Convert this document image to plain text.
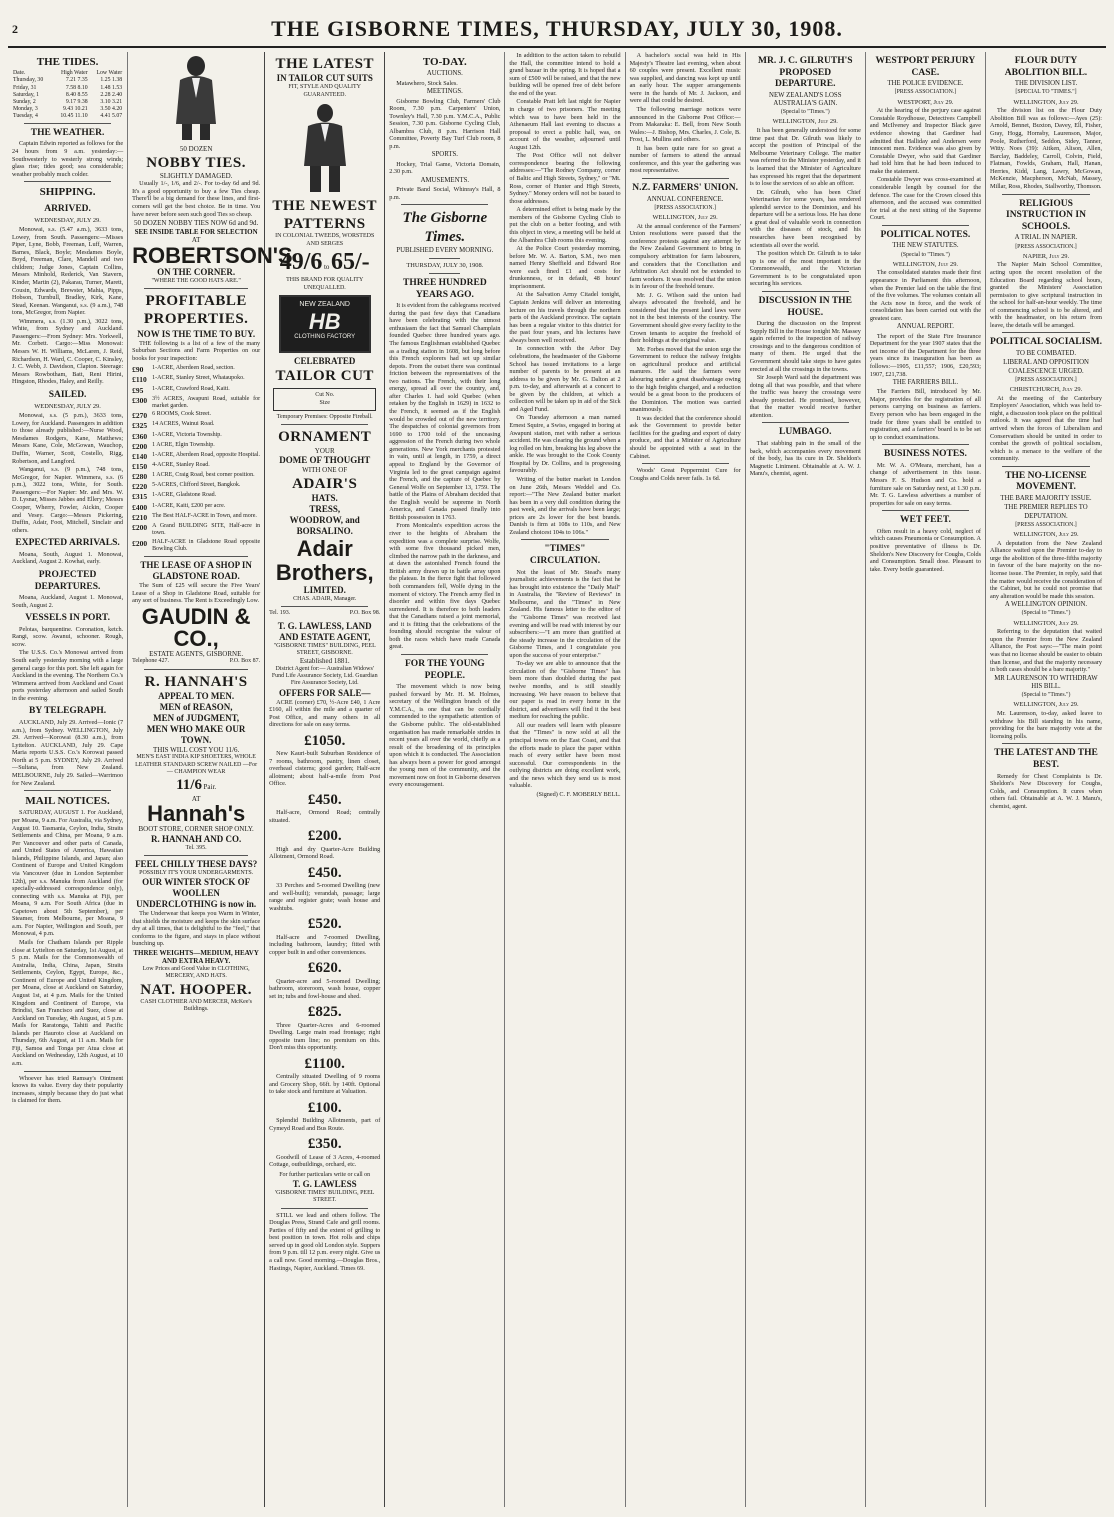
2	THE GISBORNE TIMES, THURSDAY, JULY 30, 1908.
THE TIDES.
Date.	High Water	Low Water
Thursday, 30	7.21 7.35	1.25 1.38
Friday, 31	7.58 8.10	1.48 1.53
Saturday, 1	8.40 8.55	2.28 2.40
Sunday, 2	9.17 9.38	3.10 3.21
Monday, 3	9.43 10.21	3.50 4.20
Tuesday, 4	10.45 11.10	4.41 5.07
THE WEATHER.

Captain Edwin reported as follows for the 24 hours from 9 a.m. yesterday:—Southwesterly to westerly strong winds; glass rise; tides good; sea considerable; weather probably much colder.

SHIPPING.
ARRIVED.
WEDNESDAY, JULY 29.

Monowai, s.s. (5.47 a.m.), 3633 tons, Lowey, from South. Passengers:—Misses Piper, Lyne, Bobb, Freeman, Luff, Warren, Barnes, Black, Boyle; Mesdames Boyle, Boyd, Freeman, Clare, Mandell and two children; Judge Jones, Captain Collins, Messrs Minhold, Rederick, Van Stavern, Kinder, Martin (2), Pakarau, Turner, Marett, Cousin, Edwards, Brewster, Mahia, Pipps, Hobson, Turnbull, Bradley, Kirk, Kane, Stead, Keenan. Wanganui, s.s. (9 a.m.), 748 tons, McGregor, from Napier.

Wimmera, s.s. (1.30 p.m.), 3022 tons, White, from Sydney and Auckland. Passengers:—From Sydney: Mrs. Yorkwell, Mr. Corbett. Cargo:—Miss Monowai: Messrs W. H. Williams, McLaren, J. Reid, Richardson, H. Ward, C. Cooper, C. Kinsley, J. C. Webb, J. Davidson, Clapton. Steerage: Messrs Rowbotham, Batt, Reni Hirini, Hingston, Rhodes, Haley, and Reilly.

SAILED.
WEDNESDAY, JULY 29.

Monowai, s.s. (5 p.m.), 3633 tons, Lowey, for Auckland. Passengers in addition to those already published:—Nurse Wood, Mesdames Rodgers, Kane, Matthews; Messrs Kane, Cole, McGowan, Wauchop, Duffin, Warner, Scott, Costello, Rigg, Robertson, and Langford.

Wanganui, s.s. (9 p.m.), 748 tons, McGregor, for Napier. Wimmera, s.s. (6 p.m.), 3022 tons, White, for South. Passengers:—For Napier: Mr. and Mrs. W. D. Lysnar, Misses Jabbes and Ellery; Messrs Cooper, Wherry, Fowler, Aickin, Cooper and Vesey. Cargo:—Messrs Pickering, Duffin, Adair, Foot, Mitchell, Sinclair and others.

EXPECTED ARRIVALS.

Moana, South, August 1. Monowai, Auckland, August 2. Kowhai, early.

PROJECTED DEPARTURES.

Moana, Auckland, August 1. Monowai, South, August 2.

VESSELS IN PORT.

Pelotas, barquentine. Coronation, ketch. Rangi, scow. Awanui, schooner. Rough, scow.

The U.S.S. Co.'s Monowai arrived from South early yesterday morning with a large general cargo for this port. She left again for Auckland in the evening. The Northern Co.'s Wimmera arrived from Auckland and Coast ports yesterday afternoon and sailed South in the evening.

BY TELEGRAPH.

AUCKLAND, July 29. Arrived—Ionic (7 a.m.), from Sydney. WELLINGTON, July 29. Arrived—Korowai (8.30 a.m.), from Lyttelton. AUCKLAND, July 29. Cape Maria reports U.S.S. Co.'s Korowai passed North at 5 p.m. SYDNEY, July 29. Arrived—Sultana, from New Zealand. MELBOURNE, July 29. Sailed—Warrimoo for New Zealand.

MAIL NOTICES.

SATURDAY, AUGUST 1. For Auckland, per Moana, 9 a.m. For Australia, via Sydney, August 10. Tasmania, Ceylon, India, Straits Settlements and China, per Moana, 9 a.m. Per Vancouver and other parts of Canada, and United States of America, Hawaiian Islands, Philippine Islands, and Japan; also Continent of Europe and United Kingdom via Vancouver (due in London September 12th), per s.s. Manuka from Auckland (for specially-addressed correspondence only), connecting with s.s. Manuka at Fiji, per Moana, 9 a.m. For South Africa (due in Capetown about 5th September), per Steamer, from Melbourne, per Moana, 9 a.m. For Napier, Wellington and South, per Monowai, 4 p.m.

Mails for Chatham Islands per Ripple close at Lyttelton on Saturday, 1st August, at 5 p.m. Mails for the Commonwealth of Australia, India, China, Japan, Straits Settlements, Ceylon, Egypt, Europe, &c., Continent of Europe and United Kingdom, per Moana, close at Auckland on Saturday, August 1st, at 4 p.m. Mails for the United Kingdom and Continent of Europe, via Brindisi, San Francisco and Suez, close at Auckland on Tuesday, 4th August, at 5 p.m. Mails for Raratonga, Tahiti and Pacific Islands per Hauroto close at Auckland on Thursday, 6th August, at 11 a.m. Mails for Fiji, Samoa and Tonga per Atua close at Auckland on Wednesday, 12th August, at 10 a.m.

Whoever has tried Ramsay's Ointment knows its value. Every day their popularity increases, simply because they do just what is claimed for them.

50 DOZEN
NOBBY TIES.
SLIGHTLY DAMAGED.

Usually 1/-, 1/6, and 2/-. For to-day 6d and 9d. It's a good opportunity to buy a few Ties cheap. There'll be a big demand for these lines, and first-comers will get the best choice. Be in time. You have never before seen such good Ties so cheap.

50 DOZEN NOBBY TIES NOW 6d and 9d.
SEE INSIDE TABLE FOR SELECTION
AT
ROBERTSON'S
ON THE CORNER.
"WHERE THE GOOD HATS ARE."
PROFITABLE
PROPERTIES.
NOW IS THE TIME TO BUY.

THE following is a list of a few of the many Suburban Sections and Farm Properties on our books for your inspection:

£90	1-ACRE, Aberdeen Road, section.
£110 1-ACRE, Stanley Street, Whataupoko.
£95	1-ACRE, Crawford Road, Kaiti.
£300 3½ ACRES, Awapuni Road, suitable for market garden.
£270 6 ROOMS, Cook Street.
£325 14 ACRES, Wainui Road.
£360 1-ACRE, Victoria Township.
£200 1 ACRE, Elgin Township.
£140 1-ACRE, Aberdeen Road, opposite Hospital.
£150 4-ACRE, Stanley Road.
£280 1 ACRE, Craig Road, best corner position.
£220 5-ACRES, Clifford Street, Bangkok.
£315 1-ACRE, Gladstone Road.
£400 1-ACRE, Kaiti, £200 per acre.
£210 The Best HALF-ACRE in Town, and more.
£200 A Grand BUILDING SITE, Half-acre in town.
£200 HALF-ACRE in Gladstone Road opposite Bowling Club.
THE LEASE OF A SHOP IN GLADSTONE ROAD.

The Sum of £25 will secure the Five Years' Lease of a Shop in Gladstone Road, suitable for any sort of business. The Rent is Exceedingly Low.

GAUDIN & CO.,
ESTATE AGENTS, GISBORNE.
Telephone 427.	P.O. Box 87.
R. HANNAH'S
APPEAL TO MEN.
MEN of REASON,
MEN of JUDGMENT,
MEN WHO MAKE OUR TOWN.
THIS WILL COST YOU 11/6.
MEN'S EAST INDIA KIP SHOETERS, WHOLE LEATHER STANDARD SCREW NAILED —For— CHAMPION WEAR
11/6 Pair.
AT
Hannah's
BOOT STORE, CORNER SHOP ONLY.
R. HANNAH AND CO.
Tel. 395.
FEEL CHILLY THESE DAYS?
POSSIBLY IT'S YOUR UNDERGARMENTS.
OUR WINTER STOCK OF WOOLLEN UNDERCLOTHING is now in.

The Underwear that keeps you Warm in Winter, that shields the moisture and keeps the skin surface dry at all times, that is delightful to the "feel," that conforms to the figure, and stays in place without bunching up.

THREE WEIGHTS—MEDIUM, HEAVY AND EXTRA HEAVY.
Low Prices and Good Value in CLOTHING, MERCERY, AND HATS.
NAT. HOOPER.
CASH CLOTHIER AND MERCER, McKee's Buildings.
THE LATEST
IN TAILOR CUT SUITS
FIT, STYLE AND QUALITY GUARANTEED.
THE NEWEST PATTERNS
IN COLONIAL TWEEDS, WORSTEDS AND SERGES
49/6 to 65/-
THIS BRAND FOR QUALITY UNEQUALLED.
NEW ZEALAND
HB
CLOTHING FACTORY
CELEBRATED
TAILOR CUT
Cut No.
Size
Temporary Premises: Opposite Fireball.
ORNAMENT
YOUR
DOME OF THOUGHT
WITH ONE OF
ADAIR'S
HATS.
TRESS,
WOODROW, and
BORSALINO.
Adair Brothers,
LIMITED.
CHAS. ADAIR, Manager.
Tel. 193.	P.O. Box 98.
T. G. LAWLESS, LAND AND ESTATE AGENT,
"GISBORNE TIMES" BUILDING, PEEL STREET, GISBORNE.
Established 1881.
District Agent for:— Australian Widows' Fund Life Assurance Society, Ltd. Guardian Fire Assurance Society, Ltd.
OFFERS FOR SALE—

ACRE (corner) £70, ½-Acre £40, 1 Acre £160, all within the mile and a quarter of Post Office, and many others in all directions for sale on easy terms.

£1050.

New Kauri-built Suburban Residence of 7 rooms, bathroom, pantry, linen closet, overhead cisterns; good garden; Half-acre allotment; about half-a-mile from Post Office.

£450.

Half-acre, Ormond Road; centrally situated.

£200.

High and dry Quarter-Acre Building Allotment, Ormond Road.

£450.

33 Perches and 5-roomed Dwelling (new and well-built); verandah, passage; large range and register grate; wash house and washtubs.

£520.

Half-acre and 7-roomed Dwelling, including bathroom, laundry; fitted with copper built in and other conveniences.

£620.

Quarter-acre and 5-roomed Dwelling; bathroom, storeroom, wash house, copper set in; tubs and fowl-house and shed.

£825.

Three Quarter-Acres and 6-roomed Dwelling. Large main road frontage; right opposite tram line; no premium on this. Don't miss this opportunity.

£1100.

Centrally situated Dwelling of 9 rooms and Grocery Shop, 66ft. by 140ft. Optional to take stock and furniture at Valuation.

£100.

Splendid Building Allotments, part of Cymeyd Road and Bus Route.

£350.

Goodwill of Lease of 3 Acres, 4-roomed Cottage, outbuildings, orchard, etc.

For further particulars write or call on
T. G. LAWLESS
'GISBORNE TIMES' BUILDING, PEEL STREET.

STILL we lead and others follow. The Douglas Press, Strand Cafe and grill rooms. Parties of fifty and the extent of grilling to best position in town. Hot rolls and chips served up in good old London style. Suppers from 9 p.m. till 12 p.m. every night. Give us a call now. Good morning.—Douglas Bros., Hastings, Napier, Auckland. Times 69.

TO-DAY.
AUCTIONS.

Matawhero, Stock Sales.

MEETINGS.

Gisborne Bowling Club, Farmers' Club Room, 7.30 p.m. Carpenters' Union, Townley's Hall, 7.30 p.m. Y.M.C.A., Public Session, 7.30 p.m. Gisborne Cycling Club, Albambra Club, 8 p.m. Harrison Hall Committee, Poverty Bay Turf Club room, 8 p.m.

SPORTS.

Hockey, Trial Game, Victoria Domain, 2.30 p.m.

AMUSEMENTS.

Private Band Social, Whinray's Hall, 8 p.m.

The Gisborne Times.
PUBLISHED EVERY MORNING.
THURSDAY, JULY 30, 1908.
THREE HUNDRED YEARS AGO.

It is evident from the cablegrams received during the past few days that Canadians have been celebrating with the utmost enthusiasm the fact that Samuel Champlain founded Quebec three hundred years ago. The famous Englishman established Quebec as a trading station in 1608, but long before this French explorers had set up similar depots. From the outset there was continual friction between the representatives of the two nations. The French, with their long energy, spread all over the country, and, after Charles I. had sold Quebec (when retaken by the English in 1629) in 1632 to the French, it seemed as if the English would be crowded out of the new territory. The despatches of colonial governors from 1690 to 1700 told of the unceasing aggression of the French during two whole generations. New York merchants protested in vain, until at length, in 1759, a direct appeal to England by the Governor of Virginia led to the great campaign against the French, and the capture of Quebec by General Wolfe on September 13, 1759. The battle of the Plains of Abraham decided that the English would be supreme in North America, and Canada passed finally into British possession in 1763.

From Montcalm's expedition across the river to the heights of Abraham the expedition was a complete surprise. Wolfe, with some five thousand picked men, climbed the narrow path in the darkness, and at dawn the astonished French found the British army drawn up in battle array upon the plateau. In the fierce fight that followed both commanders fell, Wolfe dying in the moment of victory. The French army fled in disorder and within five days Quebec surrendered. It is therefore to both leaders that the Canadians raised a joint memorial, and it is fitting that the celebrations of the founding should recognise the valour of both the races which have made Canada great.

FOR THE YOUNG PEOPLE.

The movement which is now being pushed forward by Mr. H. M. Holmes, secretary of the Wellington branch of the Y.M.C.A., is one that can be cordially commended to the sympathetic attention of the Gisborne public. The old-established organisation has made remarkable strides in recent years all over the world, chiefly as a result of the broadening of its principles upon which it is conducted. The Association has always been a power for good amongst the young men of the community, and the movement now on foot in Gisborne deserves every encouragement.

In addition to the action taken to rebuild the Hall, the committee intend to hold a grand bazaar in the spring. It is hoped that a sum of £500 will be raised, and that the new building will be opened free of debt before the end of the year.

Constable Pratt left last night for Napier in charge of two prisoners. The meeting which was to have been held in the Athenaeum Hall last evening to discuss a proposal to erect a public hall, was, on account of the weather, adjourned until August 12th.

The Post Office will not deliver correspondence bearing the following addresses:—"The Rodney Company, corner of Baltic and High Streets, Sydney," or "Mt. Ross, corner of Hunter and High Streets, Sydney." Money orders will not be issued to those addresses.

A determined effort is being made by the members of the Gisborne Cycling Club to put the club on a better footing, and with this object in view, a meeting will be held at the Albambra Club rooms this evening.

At the Police Court yesterday morning, before Mr. W. A. Barton, S.M., two men named Henry Sheffield and Edward Roe were each fined £1 and costs for drunkenness, or in default, 48 hours' imprisonment.

At the Salvation Army Citadel tonight, Captain Jenkins will deliver an interesting lecture on his travels through the northern parts of the Auckland province. The captain has been a regular visitor to this district for the past four years, and his lectures have always been well received.

In connection with the Arbor Day celebrations, the headmaster of the Gisborne School has issued invitations to a large number of parents to be present at an address to be given by Mr. G. Dalton at 2 p.m. to-day, and afterwards at a concert to be given by the children, at which a collection will be taken up in aid of the Sick and Aged Fund.

On Tuesday afternoon a man named Ernest Squire, a Swiss, engaged in boring at Awapuni station, met with rather a serious accident. He was clearing the ground when a log rolled on him, breaking his leg above the ankle. He was brought to the Cook County Hospital by Dr. Collins, and is progressing favourably.

Writing of the butter market in London on June 26th, Messrs Weddel and Co. report:—"The New Zealand butter market has been in a very dull condition during the past week, and the arrivals have been large; prices are 2s lower for the best brands. Danish is firm at 108s to 110s, and New Zealand choicest 104s to 106s."

"TIMES" CIRCULATION.

Not the least of Mr. Stead's many journalistic achievements is the fact that he has brought into existence the "Daily Mail" in Australia, the "Review of Reviews" in Melbourne, and the "Times" in New Zealand. His famous letter to the editor of the "Gisborne Times" was received last evening and will be read with interest by our subscribers:—"I am more than gratified at the steady increase in the circulation of the Gisborne Times, and I congratulate you upon the success of your enterprise."

To-day we are able to announce that the circulation of the "Gisborne Times" has been more than doubled during the past twelve months, and is still steadily increasing. We have reason to believe that our paper is read in every home in the district, and advertisers will find it the best medium for reaching the public.

All our readers will learn with pleasure that the "Times" is now sold at all the principal towns on the East Coast, and that the efforts made to place the paper within reach of every settler have been most successful. Our correspondents in the outlying districts are doing excellent work, and the news which they send us is most valuable.

(Signed) C. F. MOBERLY BELL.

A bachelor's social was held in His Majesty's Theatre last evening, when about 60 couples were present. Excellent music was supplied, and dancing was kept up until an early hour. The supper arrangements were in the hands of Mr. J. Jackson, and were all that could be desired.

The following marriage notices were announced in the Gisborne Post Office:—From Makaraka: E. Bell, from New South Wales:—J. Bishop, Mrs. Charles, J. Cole, B. Frost, L. Mullins and others.

It has been quite rare for so great a number of farmers to attend the annual conference, and this year the gathering was most representative.

N.Z. FARMERS' UNION.
ANNUAL CONFERENCE.
[PRESS ASSOCIATION.]
WELLINGTON, July 29.

At the annual conference of the Farmers' Union resolutions were passed that the conference protests against any attempt by the New Zealand Government to bring in compulsory arbitration for farm labourers, and considers that the Conciliation and Arbitration Act should not be extended to farm workers. It was resolved that the union is in favour of the freehold tenure.

Mr. J. G. Wilson said the union had always advocated the freehold, and he considered that the present land laws were not in the best interests of the country. The Government should give every facility to the Crown tenants to acquire the freehold of their holdings at the original value.

Mr. Forbes moved that the union urge the Government to reduce the railway freights on agricultural produce and artificial manures. He said the farmers were labouring under a great disadvantage owing to the high freights charged, and a reduction would be a great boon to the producers of the Dominion. The motion was carried unanimously.

It was decided that the conference should ask the Government to provide better facilities for the grading and export of dairy produce, and that a Minister of Agriculture should be appointed with a seat in the Cabinet.

Woods' Great Peppermint Cure for Coughs and Colds never fails. 1s 6d.

MR. J. C. GILRUTH'S PROPOSED DEPARTURE.
NEW ZEALAND'S LOSS AUSTRALIA'S GAIN.
(Special to "Times.")
WELLINGTON, July 29.

It has been generally understood for some time past that Dr. Gilruth was likely to accept the position of Principal of the Melbourne Veterinary College. The matter was referred to the Minister yesterday, and it is learned that the Minister of Agriculture has expressed his regret that the department is to lose the services of so able an officer.

Dr. Gilruth, who has been Chief Veterinarian for some years, has rendered splendid service to the Dominion, and his departure will be a serious loss. He has done a great deal of valuable work in connection with the diseases of stock, and his researches have been recognised by scientists all over the world.

The position which Dr. Gilruth is to take up is one of the most important in the Commonwealth, and the Victorian Government is to be congratulated upon securing his services.

DISCUSSION IN THE HOUSE.

During the discussion on the Imprest Supply Bill in the House tonight Mr. Massey again referred to the inspection of railway crossings and to the dangerous condition of many of them. He urged that the Government should take steps to have gates erected at all the crossings in the towns.

Sir Joseph Ward said the department was doing all that was possible, and that where the traffic was heavy the crossings were already protected. He promised, however, that the matter would receive further attention.

LUMBAGO.

That stabbing pain in the small of the back, which accompanies every movement of the body, has its cure in Dr. Sheldon's Magnetic Liniment. Obtainable at A. W. J. Manu's, chemist, agent.

WESTPORT PERJURY CASE.
THE POLICE EVIDENCE.
[PRESS ASSOCIATION.]
WESTPORT, July 29.

At the hearing of the perjury case against Constable Roydhouse, Detectives Campbell and McIlveney and Inspector Black gave evidence showing that Gardiner had admitted that Halliday and Andersen were innocent men. Evidence was also given by Constable Dwyer, who said that Gardiner had told him that he had been induced to make the statement.

Constable Dwyer was cross-examined at considerable length by counsel for the defence. The case for the Crown closed this afternoon, and the accused was committed for trial at the next sitting of the Supreme Court.

POLITICAL NOTES.
THE NEW STATUTES.
(Special to "Times.")
WELLINGTON, July 29.

The consolidated statutes made their first appearance in Parliament this afternoon, when the Premier laid on the table the first of the five volumes. The volumes contain all the Acts now in force, and the work of consolidation has been carried out with the greatest care.

ANNUAL REPORT.

The report of the State Fire Insurance Department for the year 1907 states that the net income of the Department for the three years since its inauguration has been as follows:—1905, £11,557; 1906, £20,593; 1907, £21,738.

THE FARRIERS BILL.

The Farriers Bill, introduced by Mr. Major, provides for the registration of all persons carrying on business as farriers. Every person who has been engaged in the trade for three years shall be entitled to registration, and a farriers' board is to be set up to conduct examinations.

BUSINESS NOTES.

Mr. W. A. O'Meara, merchant, has a change of advertisement in this issue. Messrs F. S. Hudson and Co. hold a furniture sale on Saturday next, at 1.30 p.m. Mr. T. G. Lawless advertises a number of properties for sale on easy terms.

WET FEET.

Often result in a heavy cold, neglect of which causes Pneumonia or Consumption. A positive preventative of illness is Dr. Sheldon's New Discovery for Coughs, Colds and Consumption. Small dose. Pleasant to take. Every bottle guaranteed.

FLOUR DUTY ABOLITION BILL.
THE DIVISION LIST.
[SPECIAL TO "TIMES."]
WELLINGTON, July 29.

The division list on the Flour Duty Abolition Bill was as follows:—Ayes (25): Arnold, Bennet, Buxton, Davey, Ell, Fisher, Gray, Hogg, Hornsby, Laurenson, Major, Poole, Rutherford, Seddon, Sidey, Tanner, Witty. Noes (39): Aitken, Alison, Allen, Barclay, Baddeley, Carroll, Colvin, Field, Flatman, Fowlds, Graham, Hall, Hanan, Herries, Kidd, Lang, Lawry, McGowan, McKenzie, Macpherson, McNab, Massey, Millar, Ross, Rhodes, Stallworthy, Thomson.

RELIGIOUS INSTRUCTION IN SCHOOLS.
A TRIAL IN NAPIER.
[PRESS ASSOCIATION.]
NAPIER, July 29.

The Napier Main School Committee, acting upon the recent resolution of the Education Board regarding school hours, granted the Ministers' Association permission to give scriptural instruction in the school for half-an-hour weekly. The time of commencing school is to be altered, and with the headmaster, on his return from leave, the details will be arranged.

POLITICAL SOCIALISM.
TO BE COMBATED.
LIBERAL AND OPPOSITION COALESCENCE URGED.
[PRESS ASSOCIATION.]
CHRISTCHURCH, July 29.

At the meeting of the Canterbury Employers' Association, which was held to-night, a discussion took place on the political outlook. It was agreed that the time had arrived when the forces of Liberalism and Conservatism should be united in order to combat the growth of political socialism, which is a menace to the welfare of the community.

THE NO-LICENSE MOVEMENT.
THE BARE MAJORITY ISSUE.
THE PREMIER REPLIES TO DEPUTATION.
[PRESS ASSOCIATION.]
WELLINGTON, July 29.

A deputation from the New Zealand Alliance waited upon the Premier to-day to urge the abolition of the three-fifths majority in favour of the bare majority on the no-license issue. The Premier, in reply, said that the matter would receive the consideration of the Cabinet, but he could not promise that any alteration would be made this session.

A WELLINGTON OPINION.
(Special to "Times.")
WELLINGTON, July 29.

Referring to the deputation that waited upon the Premier from the New Zealand Alliance, the Post says:—"The main point was that no license should be easier to obtain than license, and that the majority necessary in both cases should be a bare majority."

MR LAURENSON TO WITHDRAW HIS BILL.
(Special to "Times.")
WELLINGTON, July 29.

Mr. Laurenson, to-day, asked leave to withdraw his Bill standing in his name, providing for the bare majority vote at the licensing polls.

THE LATEST AND THE BEST.

Remedy for Chest Complaints is Dr. Sheldon's New Discovery for Coughs, Colds, and Consumption. It cures when others fail. Obtainable at A. W. J. Manu's, chemist, agent.
